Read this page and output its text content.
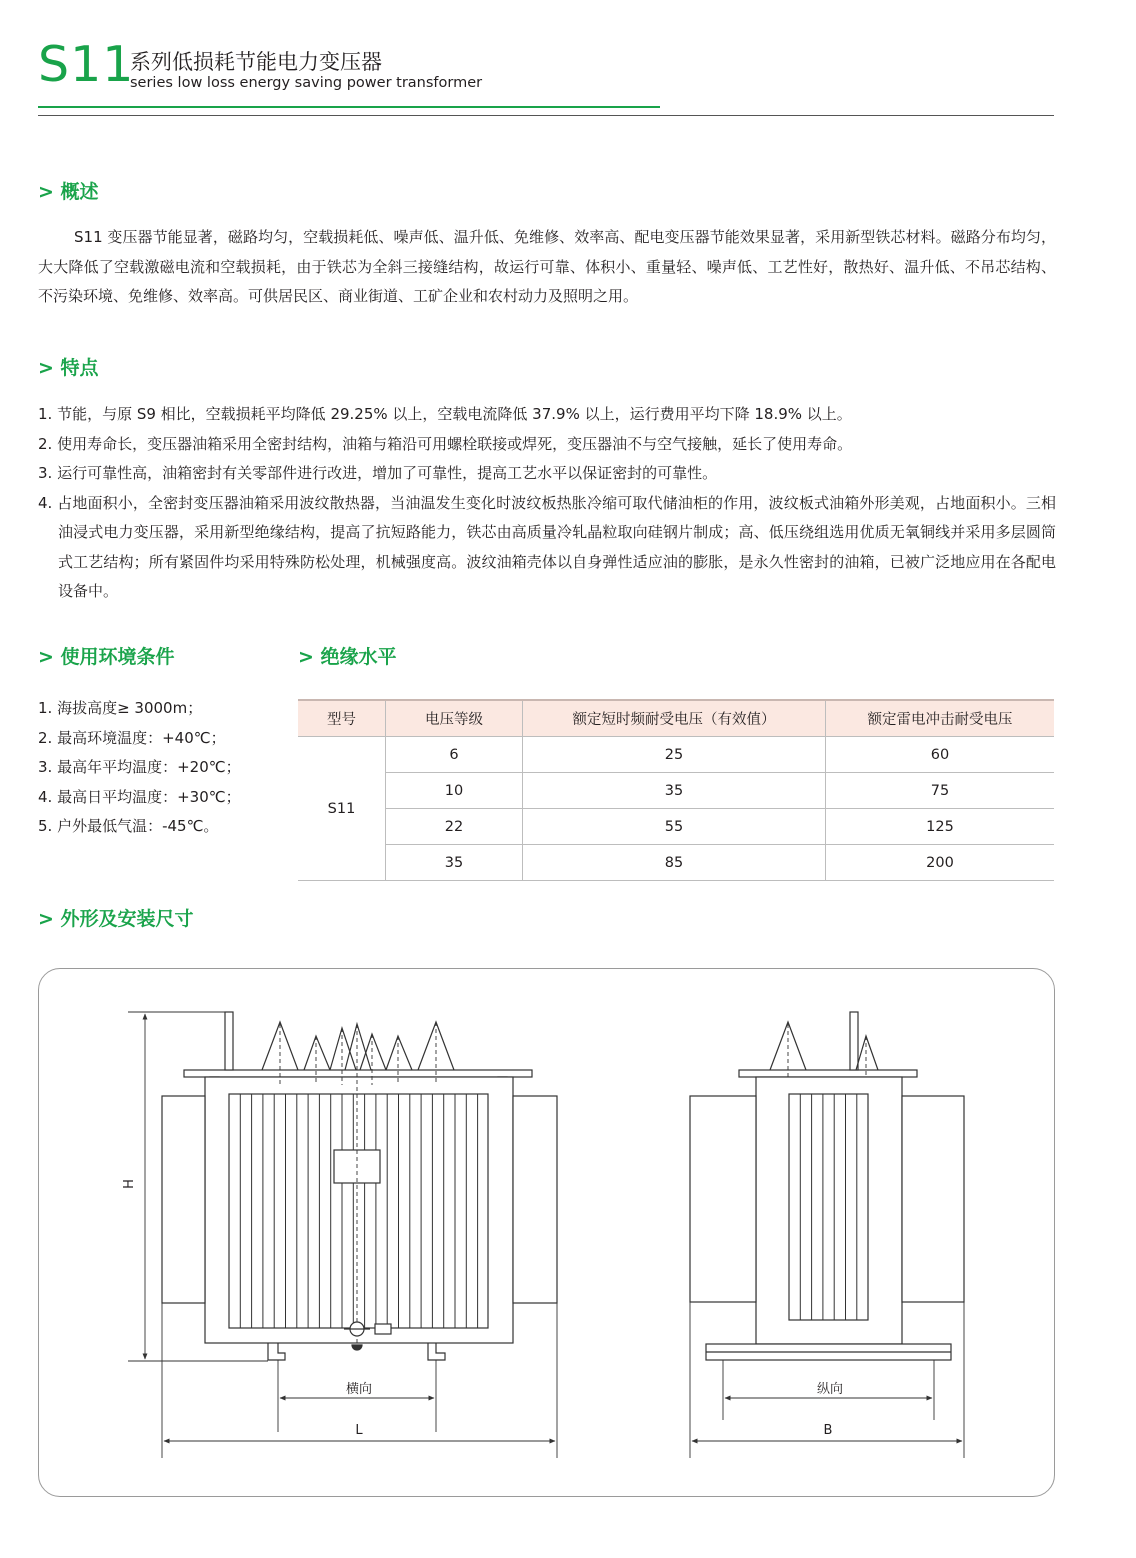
S11
系列低损耗节能电力变压器
series low loss energy saving power transformer
> 概述
S11 变压器节能显著，磁路均匀，空载损耗低、噪声低、温升低、免维修、效率高、配电变压器节能效果显著，采用新型铁芯材料。磁路分布均匀，大大降低了空载激磁电流和空载损耗，由于铁芯为全斜三接缝结构，故运行可靠、体积小、重量轻、噪声低、工艺性好，散热好、温升低、不吊芯结构、不污染环境、免维修、效率高。可供居民区、商业街道、工矿企业和农村动力及照明之用。
> 特点
1. 节能，与原 S9 相比，空载损耗平均降低 29.25% 以上，空载电流降低 37.9% 以上，运行费用平均下降 18.9% 以上。
2. 使用寿命长，变压器油箱采用全密封结构，油箱与箱沿可用螺栓联接或焊死，变压器油不与空气接触，延长了使用寿命。
3. 运行可靠性高，油箱密封有关零部件进行改进，增加了可靠性，提高工艺水平以保证密封的可靠性。
4. 占地面积小，全密封变压器油箱采用波纹散热器，当油温发生变化时波纹板热胀冷缩可取代储油柜的作用，波纹板式油箱外形美观，占地面积小。三相油浸式电力变压器，采用新型绝缘结构，提高了抗短路能力，铁芯由高质量冷轧晶粒取向硅钢片制成；高、低压绕组选用优质无氧铜线并采用多层圆筒式工艺结构；所有紧固件均采用特殊防松处理，机械强度高。波纹油箱壳体以自身弹性适应油的膨胀，是永久性密封的油箱，已被广泛地应用在各配电设备中。
> 使用环境条件
1. 海拔高度≥ 3000m；
2. 最高环境温度：+40℃；
3. 最高年平均温度：+20℃；
4. 最高日平均温度：+30℃；
5. 户外最低气温：-45℃。
> 绝缘水平
型号	电压等级	额定短时频耐受电压（有效值）	额定雷电冲击耐受电压
S11	6	25	60
	10	35	75
	22	55	125
	35	85	200
> 外形及安装尺寸
H
横向
L
纵向
B
